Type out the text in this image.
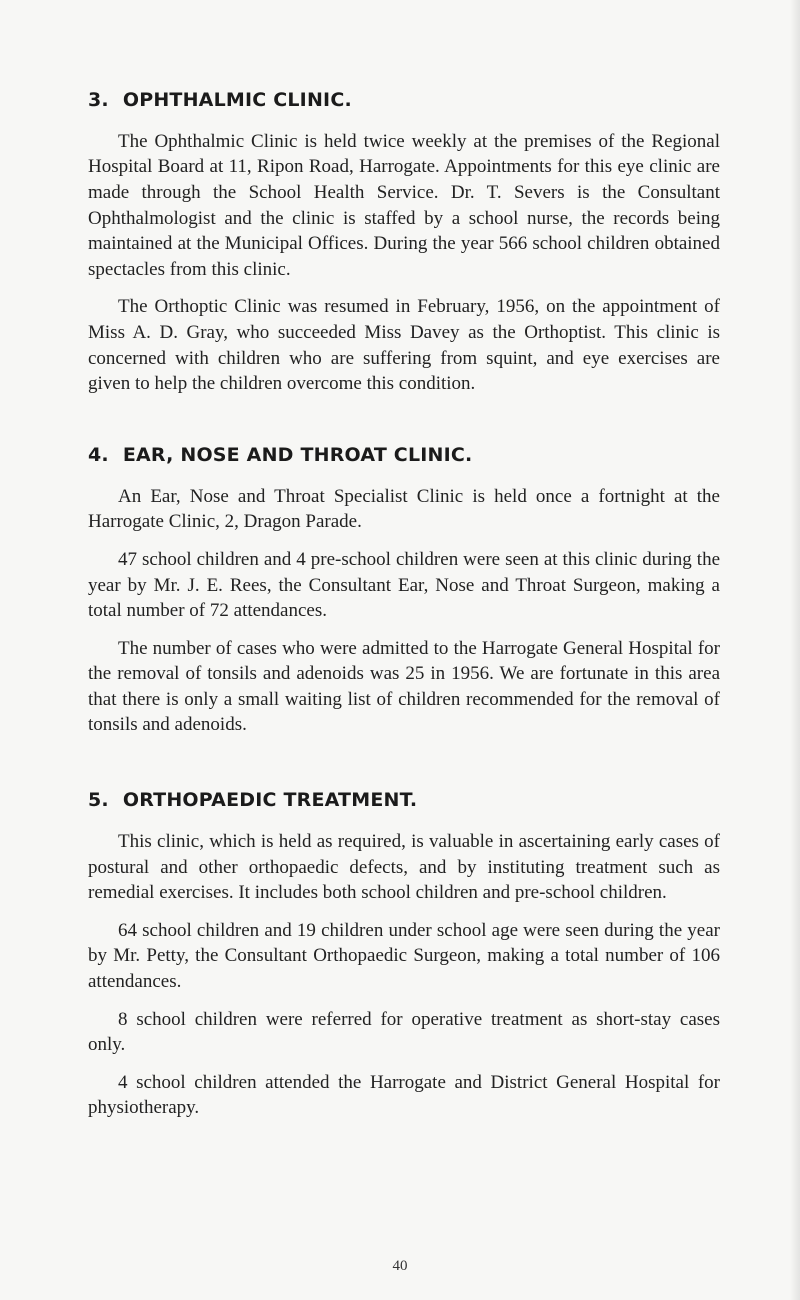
3. OPHTHALMIC CLINIC.

The Ophthalmic Clinic is held twice weekly at the premises of the Regional Hospital Board at 11, Ripon Road, Harrogate. Appointments for this eye clinic are made through the School Health Service. Dr. T. Severs is the Consultant Ophthalmologist and the clinic is staffed by a school nurse, the records being maintained at the Municipal Offices. During the year 566 school children obtained spectacles from this clinic.

The Orthoptic Clinic was resumed in February, 1956, on the appointment of Miss A. D. Gray, who succeeded Miss Davey as the Orthoptist. This clinic is concerned with children who are suffering from squint, and eye exercises are given to help the children overcome this condition.

4. EAR, NOSE AND THROAT CLINIC.

An Ear, Nose and Throat Specialist Clinic is held once a fortnight at the Harrogate Clinic, 2, Dragon Parade.

47 school children and 4 pre-school children were seen at this clinic during the year by Mr. J. E. Rees, the Consultant Ear, Nose and Throat Surgeon, making a total number of 72 attendances.

The number of cases who were admitted to the Harrogate General Hospital for the removal of tonsils and adenoids was 25 in 1956. We are fortunate in this area that there is only a small waiting list of children recommended for the removal of tonsils and adenoids.

5. ORTHOPAEDIC TREATMENT.

This clinic, which is held as required, is valuable in ascertaining early cases of postural and other orthopaedic defects, and by instituting treatment such as remedial exercises. It includes both school children and pre-school children.

64 school children and 19 children under school age were seen during the year by Mr. Petty, the Consultant Orthopaedic Surgeon, making a total number of 106 attendances.

8 school children were referred for operative treatment as short-stay cases only.

4 school children attended the Harrogate and District General Hospital for physiotherapy.

40
